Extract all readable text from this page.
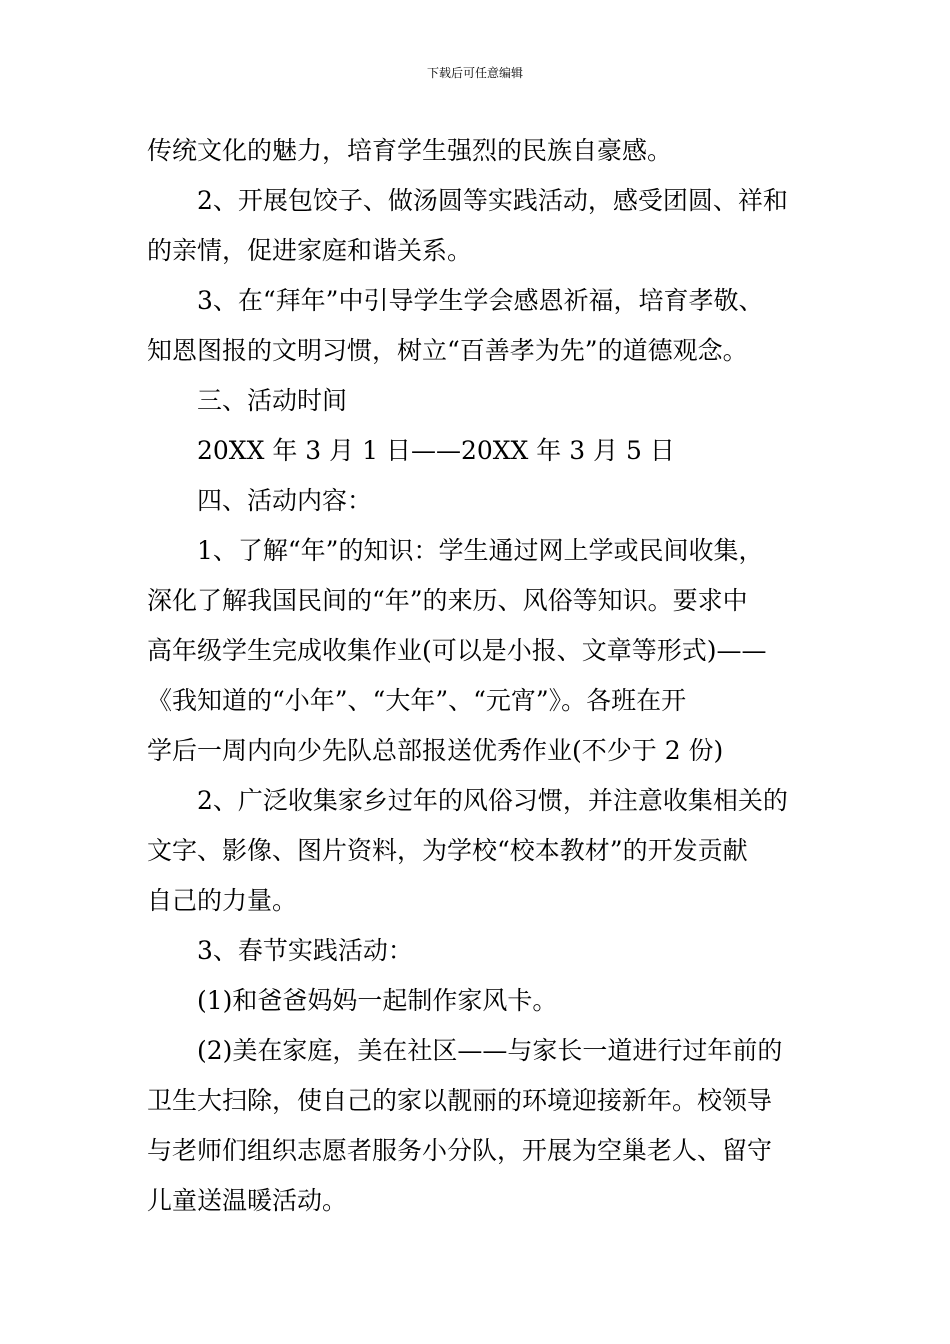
下载后可任意编辑

传统文化的魅力，培育学生强烈的民族自豪感。

2、开展包饺子、做汤圆等实践活动，感受团圆、祥和

的亲情，促进家庭和谐关系。

3、在“拜年”中引导学生学会感恩祈福，培育孝敬、

知恩图报的文明习惯，树立“百善孝为先”的道德观念。

三、活动时间

20XX 年 3 月 1 日——20XX 年 3 月 5 日

四、活动内容：

1、了解“年”的知识：学生通过网上学或民间收集，

深化了解我国民间的“年”的来历、风俗等知识。要求中

高年级学生完成收集作业(可以是小报、文章等形式)——

《我知道的“小年”、“大年”、“元宵”》。各班在开

学后一周内向少先队总部报送优秀作业(不少于 2 份)

2、广泛收集家乡过年的风俗习惯，并注意收集相关的

文字、影像、图片资料，为学校“校本教材”的开发贡献

自己的力量。

3、春节实践活动：

(1)和爸爸妈妈一起制作家风卡。

(2)美在家庭，美在社区——与家长一道进行过年前的

卫生大扫除，使自己的家以靓丽的环境迎接新年。校领导

与老师们组织志愿者服务小分队，开展为空巢老人、留守

儿童送温暖活动。
